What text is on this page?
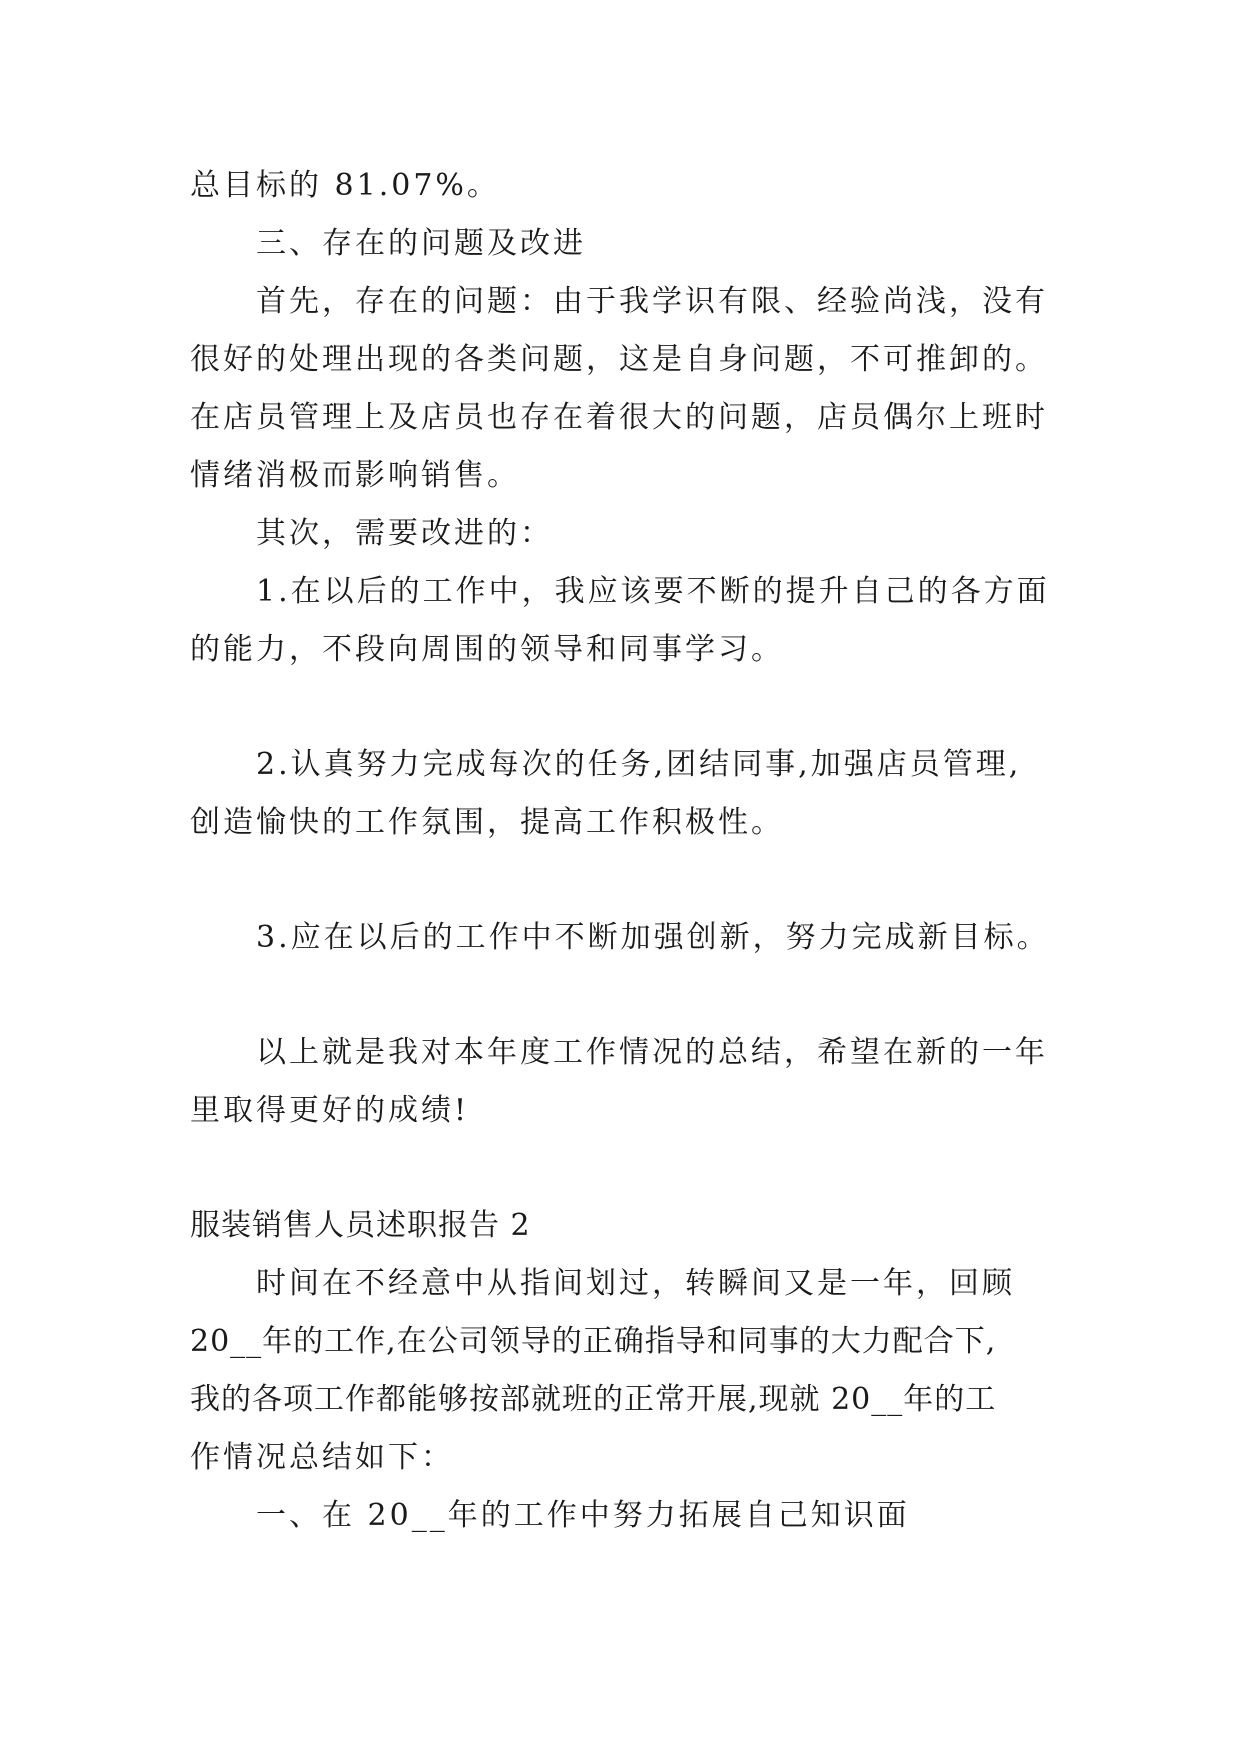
总目标的 81.07%。
三、存在的问题及改进
首先，存在的问题：由于我学识有限、经验尚浅，没有
很好的处理出现的各类问题，这是自身问题，不可推卸的。
在店员管理上及店员也存在着很大的问题，店员偶尔上班时
情绪消极而影响销售。
其次，需要改进的：
1.在以后的工作中，我应该要不断的提升自己的各方面
的能力，不段向周围的领导和同事学习。
2.认真努力完成每次的任务,团结同事,加强店员管理,
创造愉快的工作氛围，提高工作积极性。
3.应在以后的工作中不断加强创新，努力完成新目标。
以上就是我对本年度工作情况的总结，希望在新的一年
里取得更好的成绩!
服装销售人员述职报告 2
时间在不经意中从指间划过，转瞬间又是一年，回顾
20__年的工作,在公司领导的正确指导和同事的大力配合下,
我的各项工作都能够按部就班的正常开展,现就 20__年的工
作情况总结如下：
一、在 20__年的工作中努力拓展自己知识面
